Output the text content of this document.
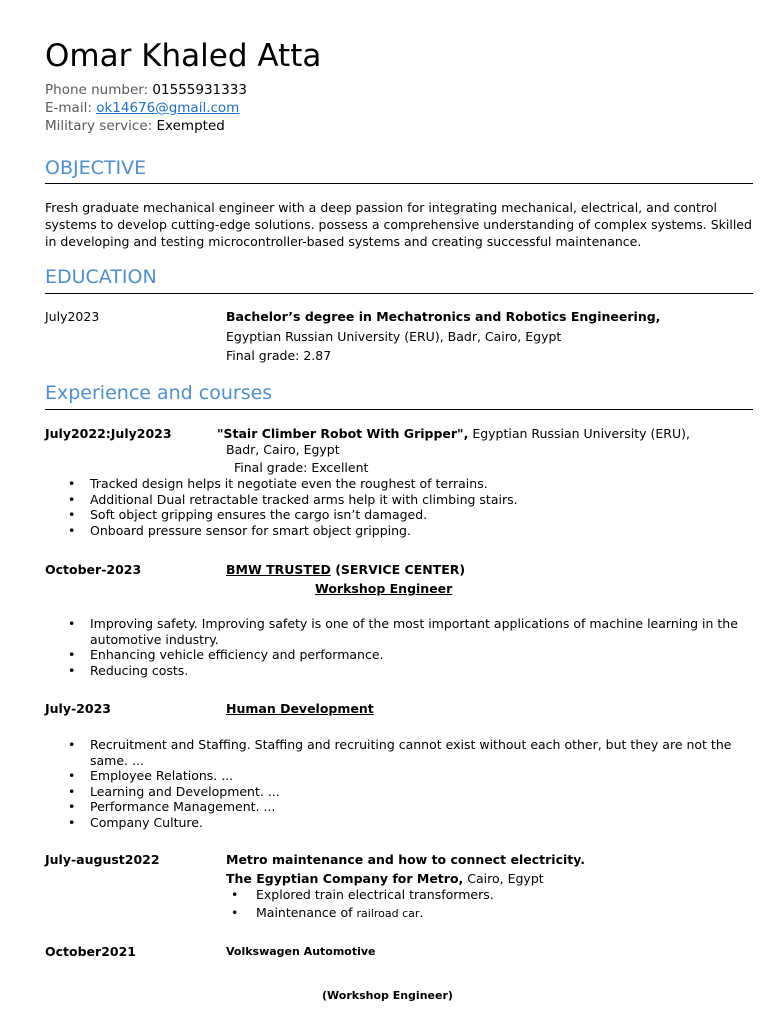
Omar Khaled Atta
Phone number: 01555931333
E-mail: ok14676@gmail.com
Military service: Exempted
OBJECTIVE
Fresh graduate mechanical engineer with a deep passion for integrating mechanical, electrical, and control systems to develop cutting-edge solutions. possess a comprehensive understanding of complex systems. Skilled in developing and testing microcontroller-based systems and creating successful maintenance.
EDUCATION
July2023	Bachelor’s degree in Mechatronics and Robotics Engineering,
Egyptian Russian University (ERU), Badr, Cairo, Egypt
Final grade: 2.87
Experience and courses
July2022:July2023	"Stair Climber Robot With Gripper", Egyptian Russian University (ERU),
Badr, Cairo, Egypt
Final grade: Excellent
• Tracked design helps it negotiate even the roughest of terrains.
• Additional Dual retractable tracked arms help it with climbing stairs.
• Soft object gripping ensures the cargo isn’t damaged.
• Onboard pressure sensor for smart object gripping.
October-2023	BMW TRUSTED (SERVICE CENTER)
Workshop Engineer
• Improving safety. Improving safety is one of the most important applications of machine learning in the automotive industry.
• Enhancing vehicle efficiency and performance.
• Reducing costs.
July-2023	Human Development
• Recruitment and Staffing. Staffing and recruiting cannot exist without each other, but they are not the same. ...
• Employee Relations. ...
• Learning and Development. ...
• Performance Management. ...
• Company Culture.
July-august2022	Metro maintenance and how to connect electricity.
The Egyptian Company for Metro, Cairo, Egypt
• Explored train electrical transformers.
• Maintenance of railroad car.
October2021	Volkswagen Automotive
(Workshop Engineer)
